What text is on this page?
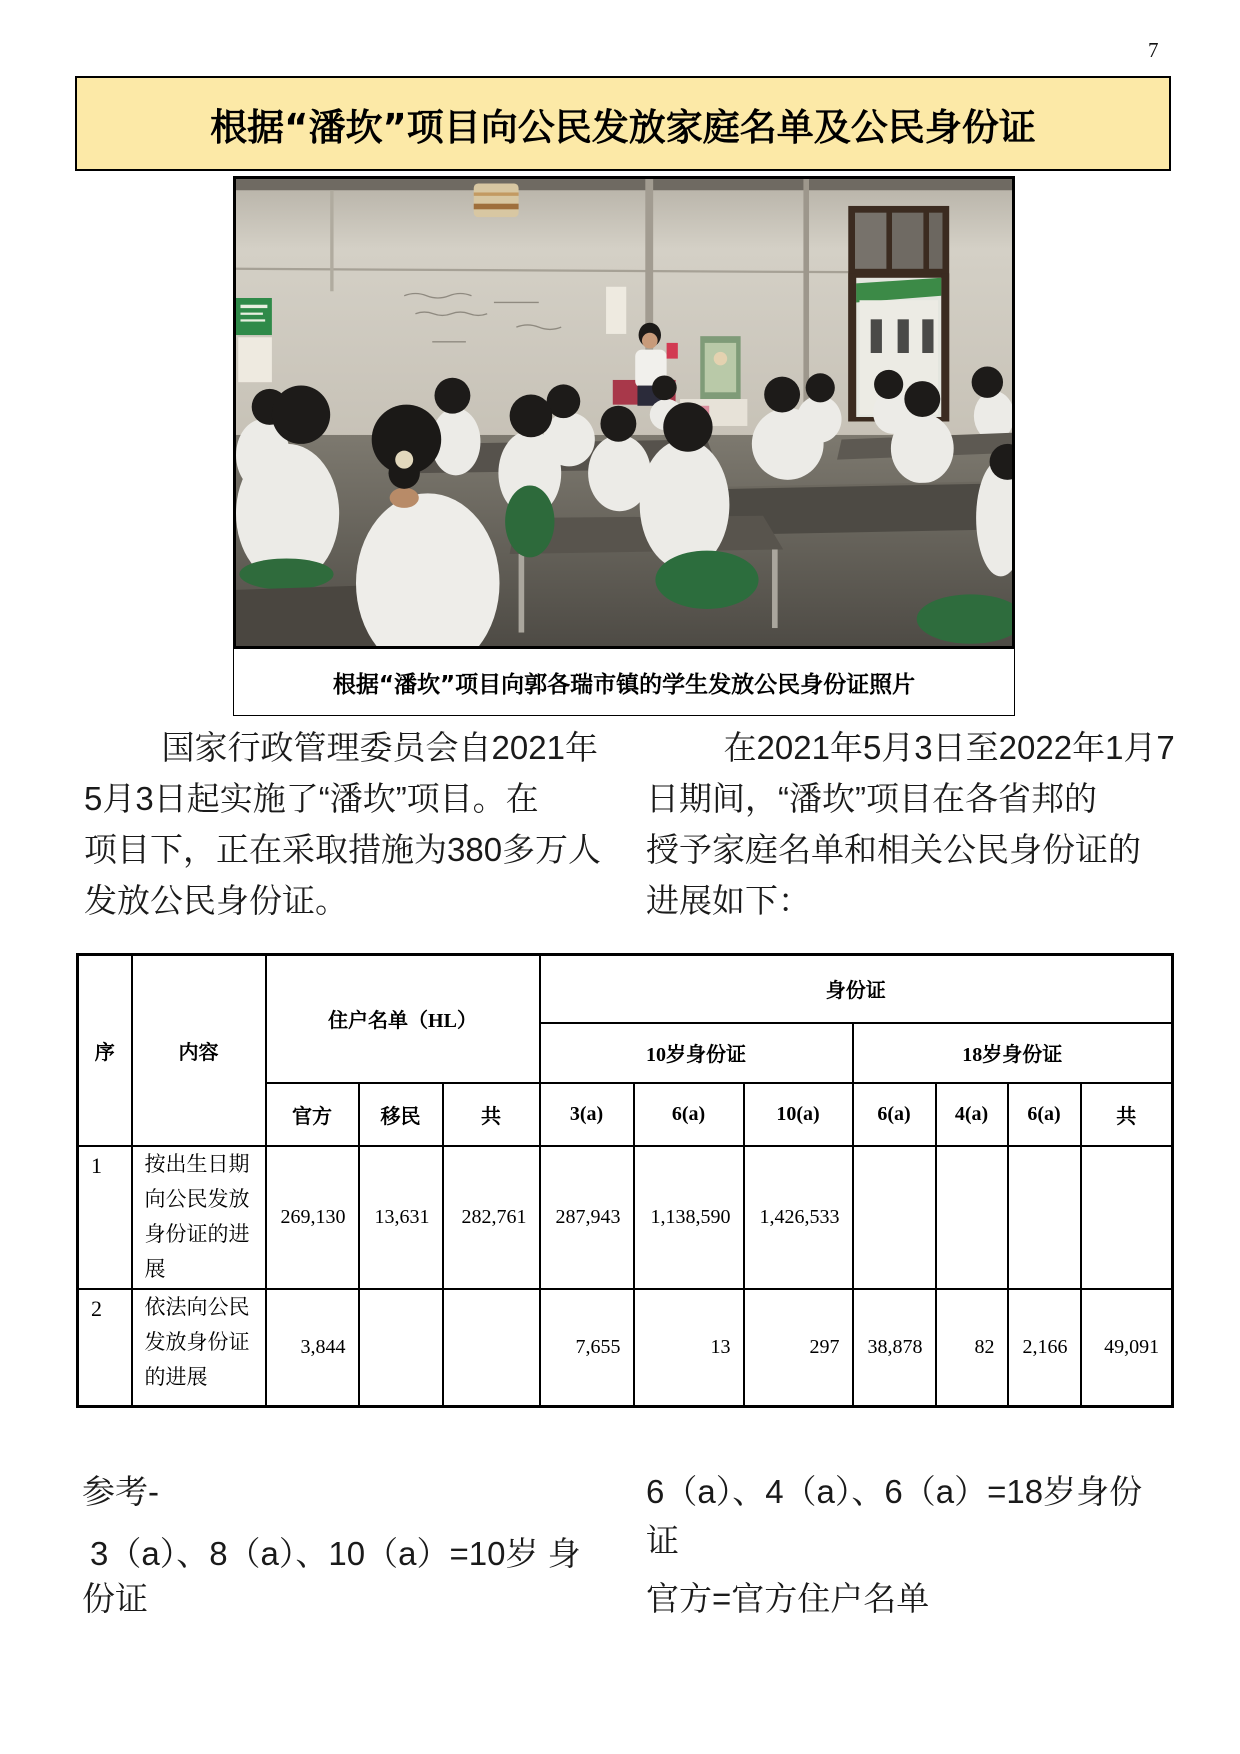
7
根据“潘坎”项目向公民发放家庭名单及公民身份证
根据“潘坎”项目向郭各瑞市镇的学生发放公民身份证照片
国家行政管理委员会自2021年
5月3日起实施了“潘坎”项目。在
项目下，正在采取措施为380多万人
发放公民身份证。
在2021年5月3日至2022年1月7
日期间，“潘坎”项目在各省邦的
授予家庭名单和相关公民身份证的
进展如下：
序	内容	住户名单（HL）			身份证						
					10岁身份证			18岁身份证			
		官方	移民	共	3(a)	6(a)	10(a)	6(a)	4(a)	6(a)	共
1	按出生日期向公民发放身份证的进展	269,130	13,631	282,761	287,943	1,138,590	1,426,533				
2	依法向公民发放身份证的进展	3,844			7,655	13	297	38,878	82	2,166	49,091
参考-
3（a）、8（a）、10（a）=10岁 身
份证
6（a）、4（a）、6（a）=18岁身份
证
官方=官方住户名单
